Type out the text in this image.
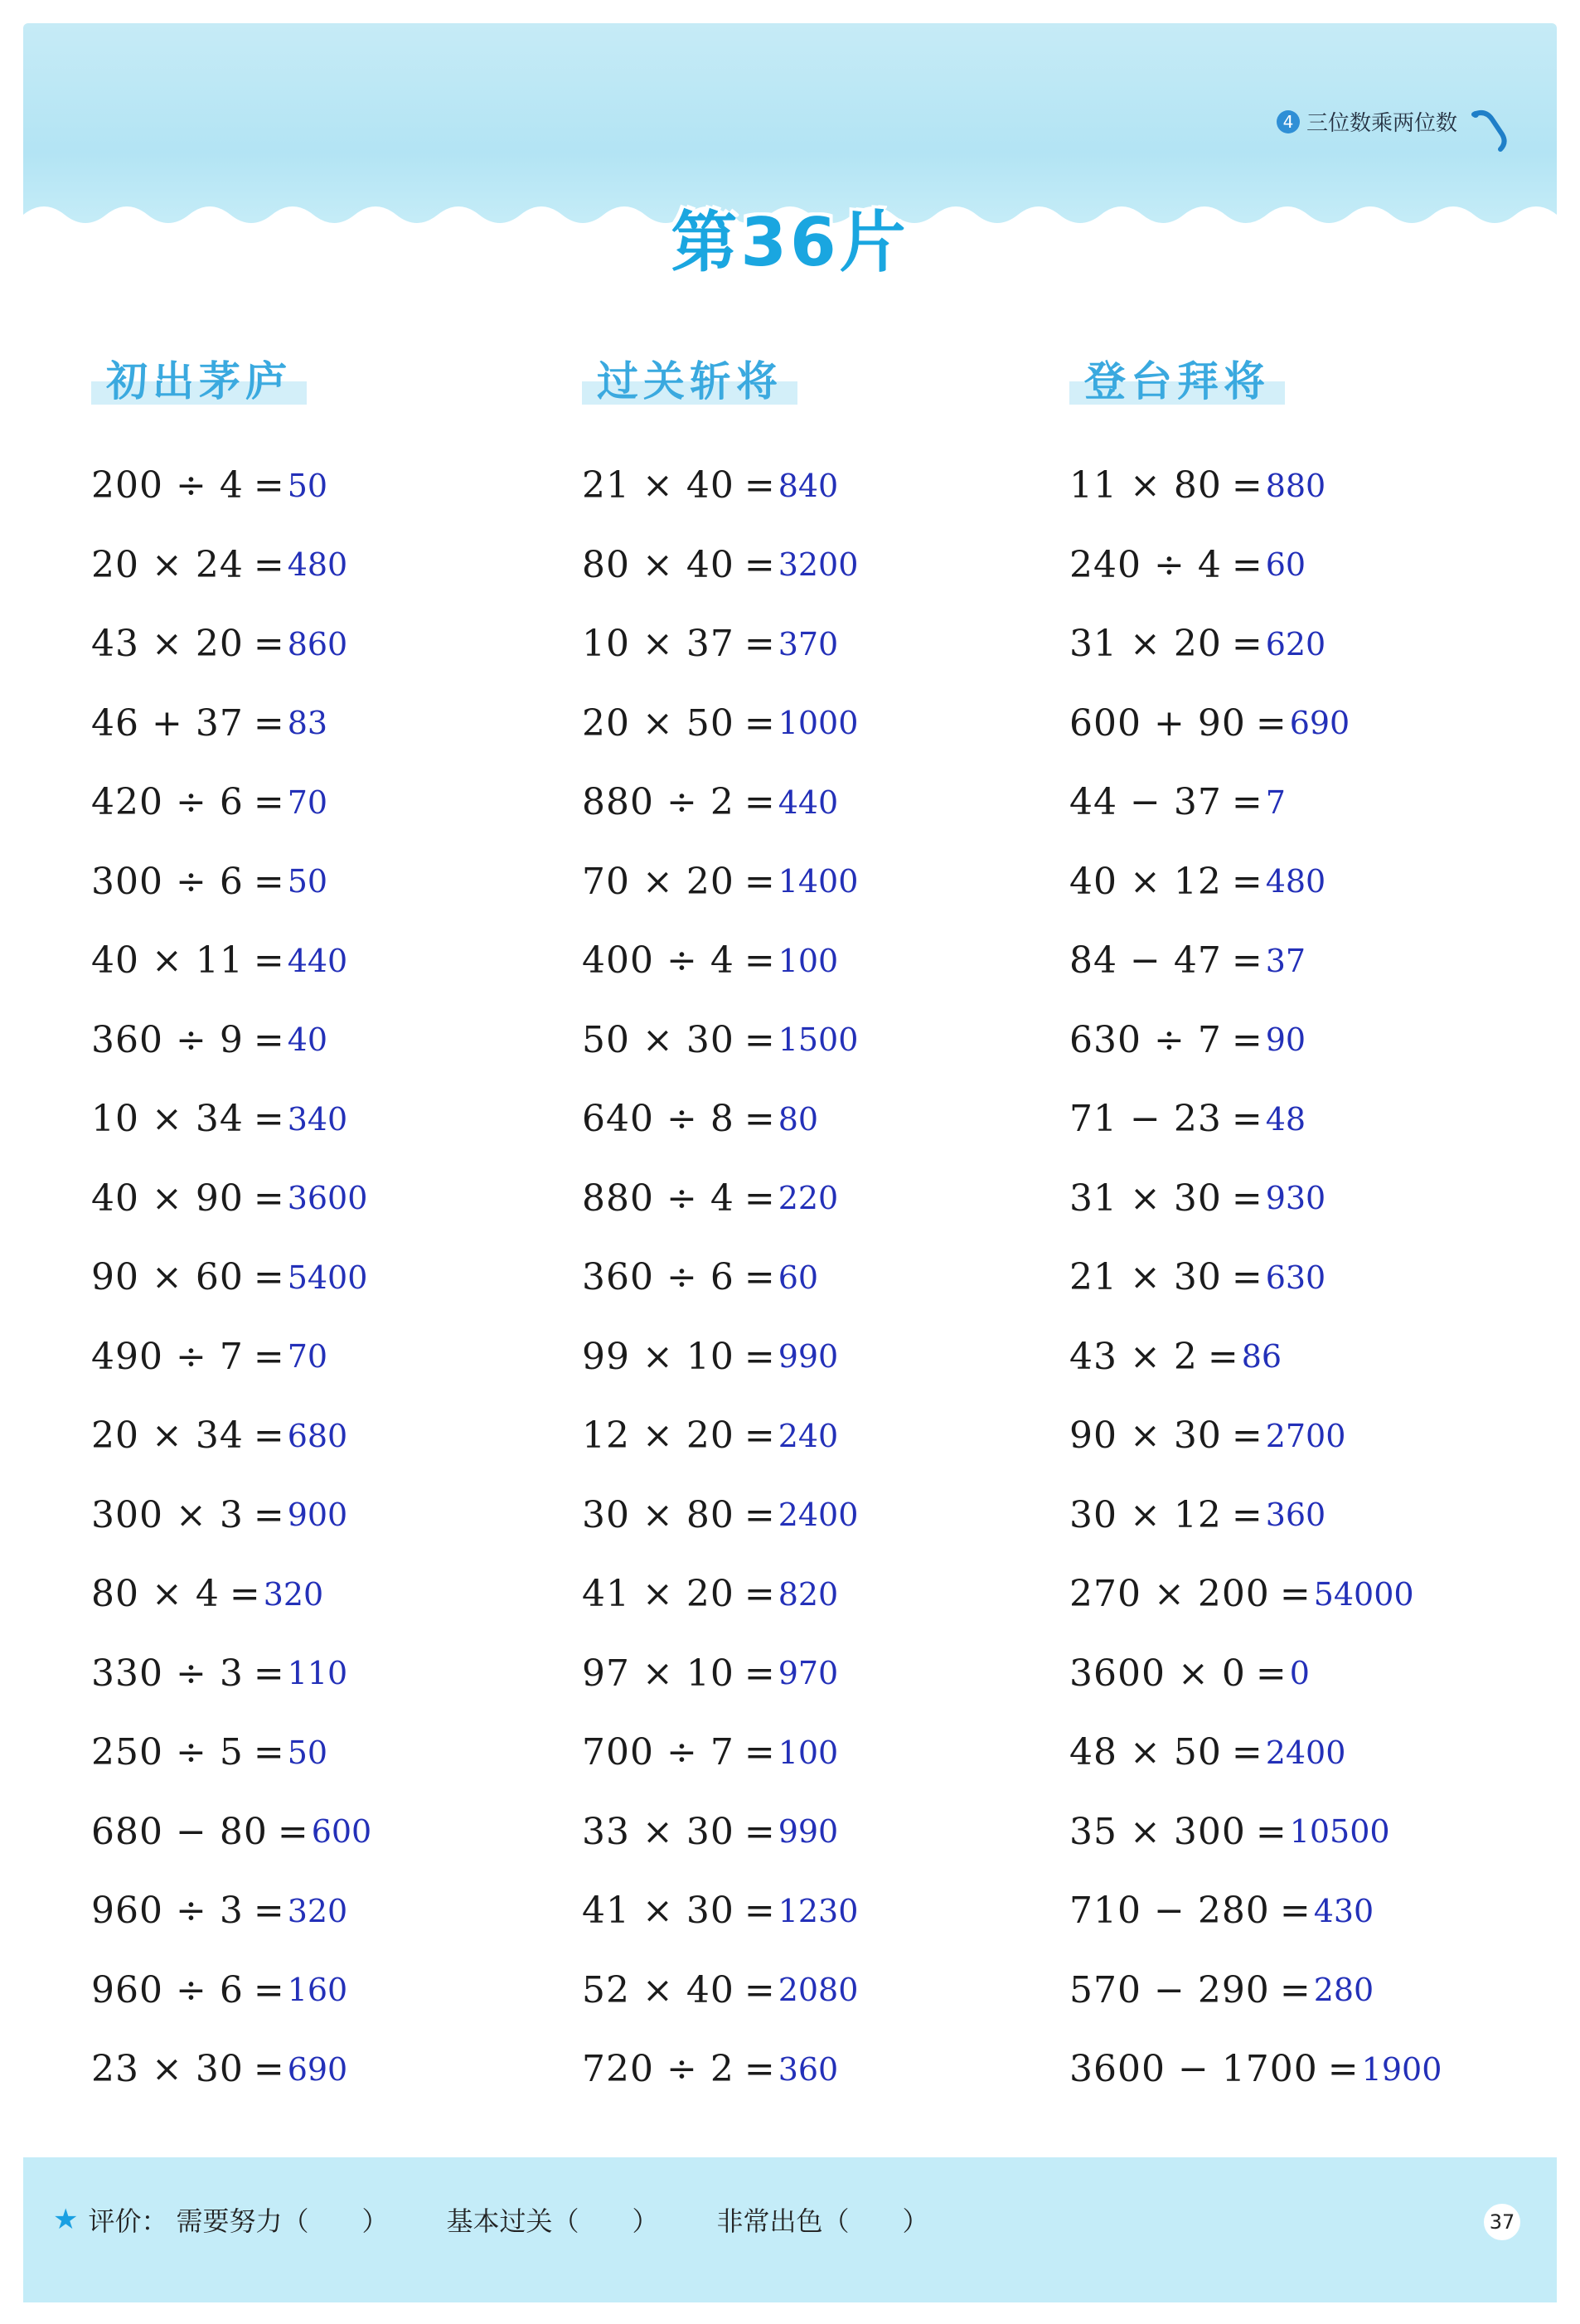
4 三位数乘两位数
第36片
初出茅庐
200 ÷ 4 = 50
20 × 24 = 480
43 × 20 = 860
46 + 37 = 83
420 ÷ 6 = 70
300 ÷ 6 = 50
40 × 11 = 440
360 ÷ 9 = 40
10 × 34 = 340
40 × 90 = 3600
90 × 60 = 5400
490 ÷ 7 = 70
20 × 34 = 680
300 × 3 = 900
80 × 4 = 320
330 ÷ 3 = 110
250 ÷ 5 = 50
680 − 80 = 600
960 ÷ 3 = 320
960 ÷ 6 = 160
23 × 30 = 690
过关斩将
21 × 40 = 840
80 × 40 = 3200
10 × 37 = 370
20 × 50 = 1000
880 ÷ 2 = 440
70 × 20 = 1400
400 ÷ 4 = 100
50 × 30 = 1500
640 ÷ 8 = 80
880 ÷ 4 = 220
360 ÷ 6 = 60
99 × 10 = 990
12 × 20 = 240
30 × 80 = 2400
41 × 20 = 820
97 × 10 = 970
700 ÷ 7 = 100
33 × 30 = 990
41 × 30 = 1230
52 × 40 = 2080
720 ÷ 2 = 360
登台拜将
11 × 80 = 880
240 ÷ 4 = 60
31 × 20 = 620
600 + 90 = 690
44 − 37 = 7
40 × 12 = 480
84 − 47 = 37
630 ÷ 7 = 90
71 − 23 = 48
31 × 30 = 930
21 × 30 = 630
43 × 2 = 86
90 × 30 = 2700
30 × 12 = 360
270 × 200 = 54000
3600 × 0 = 0
48 × 50 = 2400
35 × 300 = 10500
710 − 280 = 430
570 − 290 = 280
3600 − 1700 = 1900
★ 评价： 需要努力（　　） 基本过关（　　） 非常出色（　　）	37
